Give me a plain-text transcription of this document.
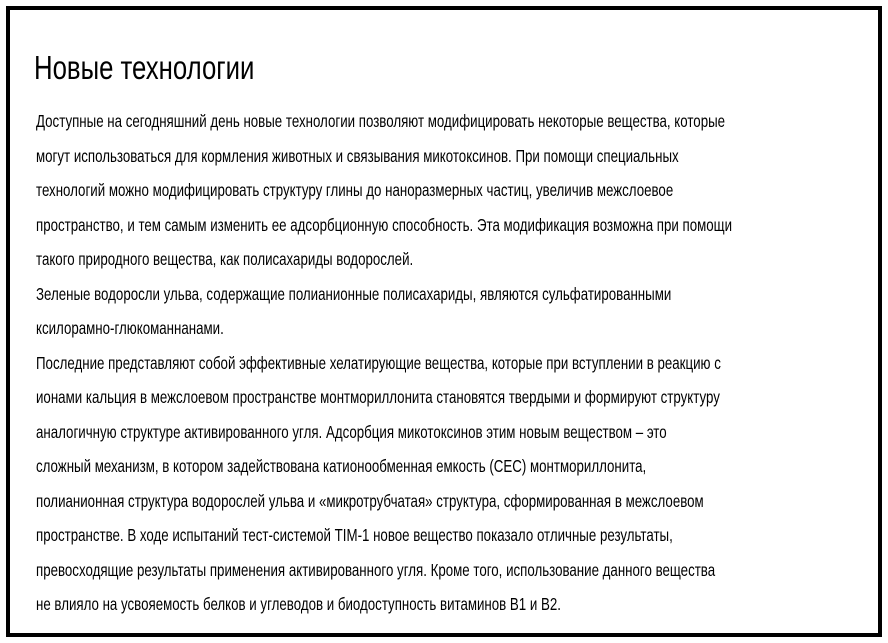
Новые технологии
Доступные на сегодняшний день новые технологии позволяют модифицировать некоторые вещества, которые
могут использоваться для кормления животных и связывания микотоксинов. При помощи специальных
технологий можно модифицировать структуру глины до наноразмерных частиц, увеличив межслоевое
пространство, и тем самым изменить ее адсорбционную способность. Эта модификация возможна при помощи
такого природного вещества, как полисахариды водорослей.
Зеленые водоросли ульва, содержащие полианионные полисахариды, являются сульфатированными
ксилорамно-глюкоманнанами.
Последние представляют собой эффективные хелатирующие вещества, которые при вступлении в реакцию с
ионами кальция в межслоевом пространстве монтмориллонита становятся твердыми и формируют структуру
аналогичную структуре активированного угля. Адсорбция микотоксинов этим новым веществом – это
сложный механизм, в котором задействована катионообменная емкость (CEC) монтмориллонита,
полианионная структура водорослей ульва и «микротрубчатая» структура, сформированная в межслоевом
пространстве. В ходе испытаний тест-системой TIM-1 новое вещество показало отличные результаты,
превосходящие результаты применения активированного угля. Кроме того, использование данного вещества
не влияло на усвояемость белков и углеводов и биодоступность витаминов B1 и B2.
